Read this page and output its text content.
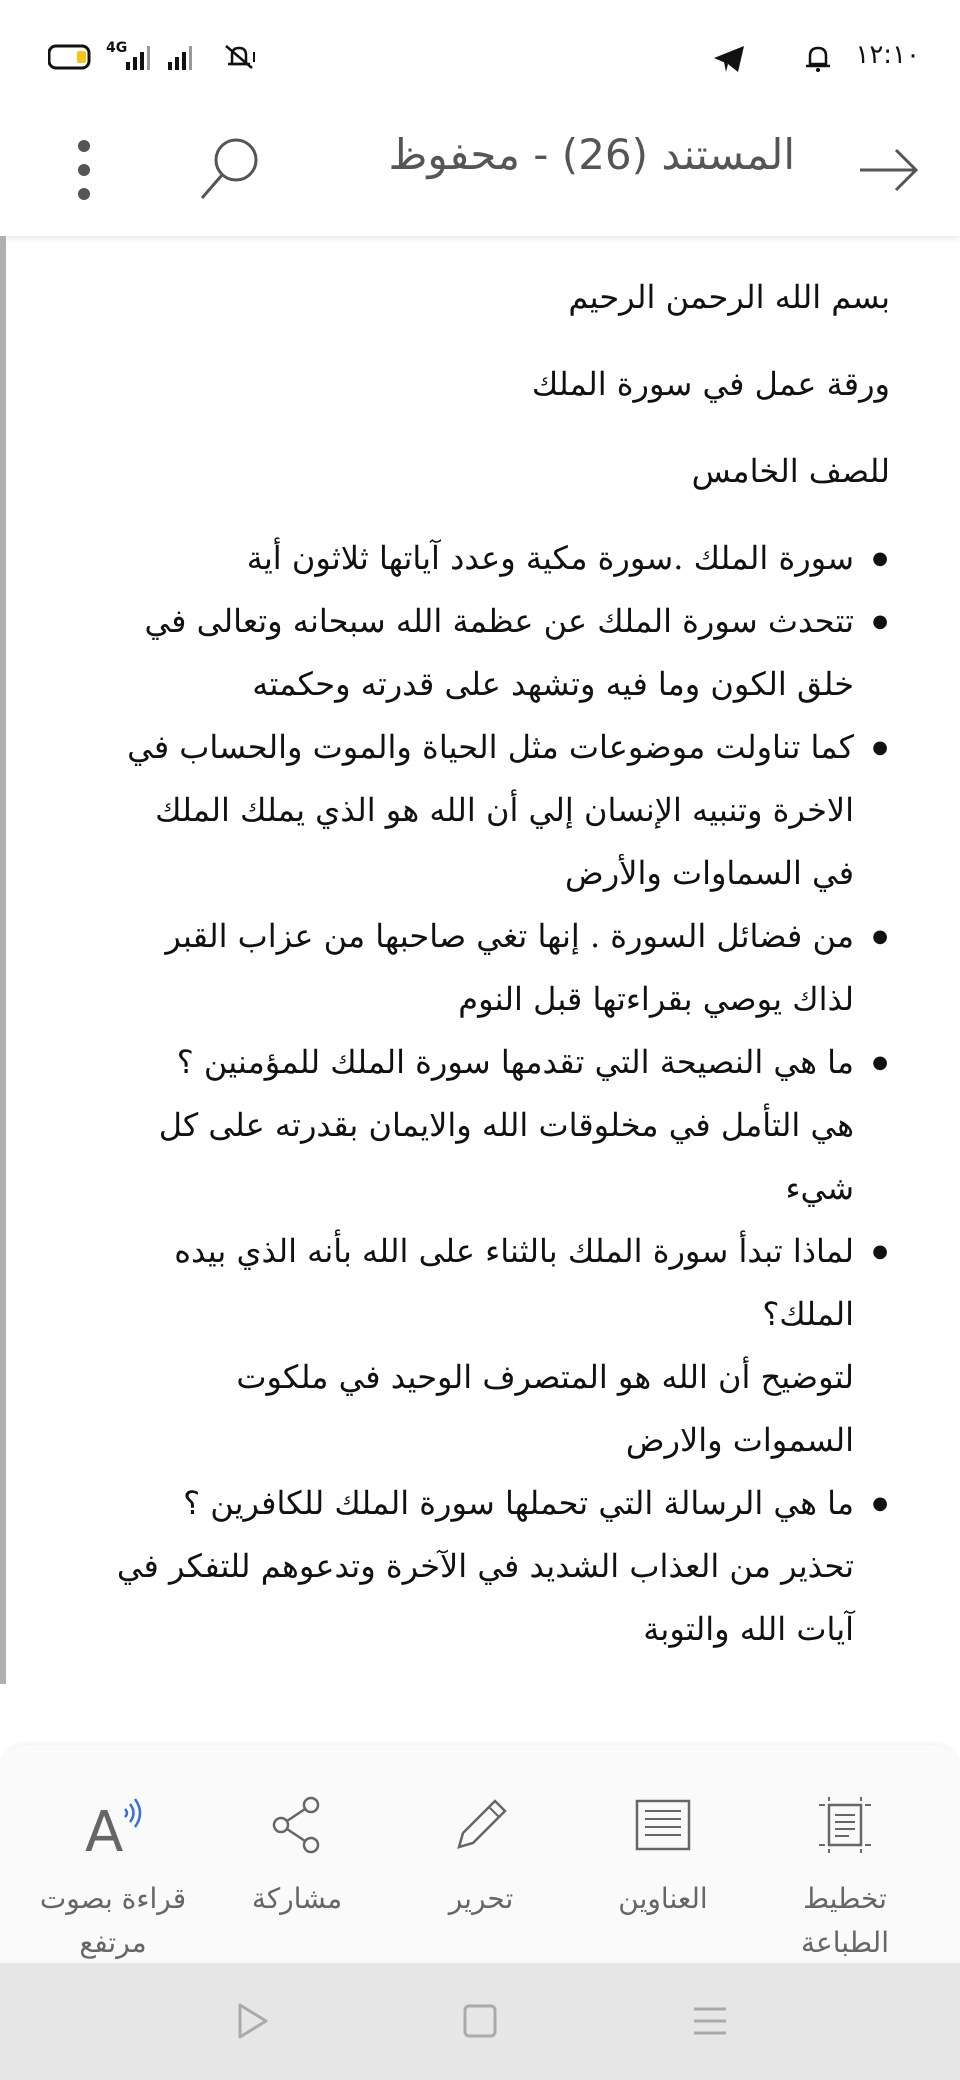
4G	١٢:١٠
المستند (26) - محفوظ

بسم الله الرحمن الرحيم

ورقة عمل في سورة الملك

للصف الخامس

● سورة الملك .سورة مكية وعدد آياتها ثلاثون أية
● تتحدث سورة الملك عن عظمة الله سبحانه وتعالى في
خلق الكون وما فيه وتشهد على قدرته وحكمته
● كما تناولت موضوعات مثل الحياة والموت والحساب في
الاخرة وتنبيه الإنسان إلي أن الله هو الذي يملك الملك
في السماوات والأرض
● من فضائل السورة . إنها تغي صاحبها من عزاب القبر
لذاك يوصي بقراءتها قبل النوم
● ما هي النصيحة التي تقدمها سورة الملك للمؤمنين ؟
هي التأمل في مخلوقات الله والايمان بقدرته على كل
شيء
● لماذا تبدأ سورة الملك بالثناء على الله بأنه الذي بيده
الملك؟
لتوضيح أن الله هو المتصرف الوحيد في ملكوت
السموات والارض
● ما هي الرسالة التي تحملها سورة الملك للكافرين ؟
تحذير من العذاب الشديد في الآخرة وتدعوهم للتفكر في
آيات الله والتوبة
تخطيط الطباعة
العناوين
تحرير
مشاركة
A
قراءة بصوت مرتفع
